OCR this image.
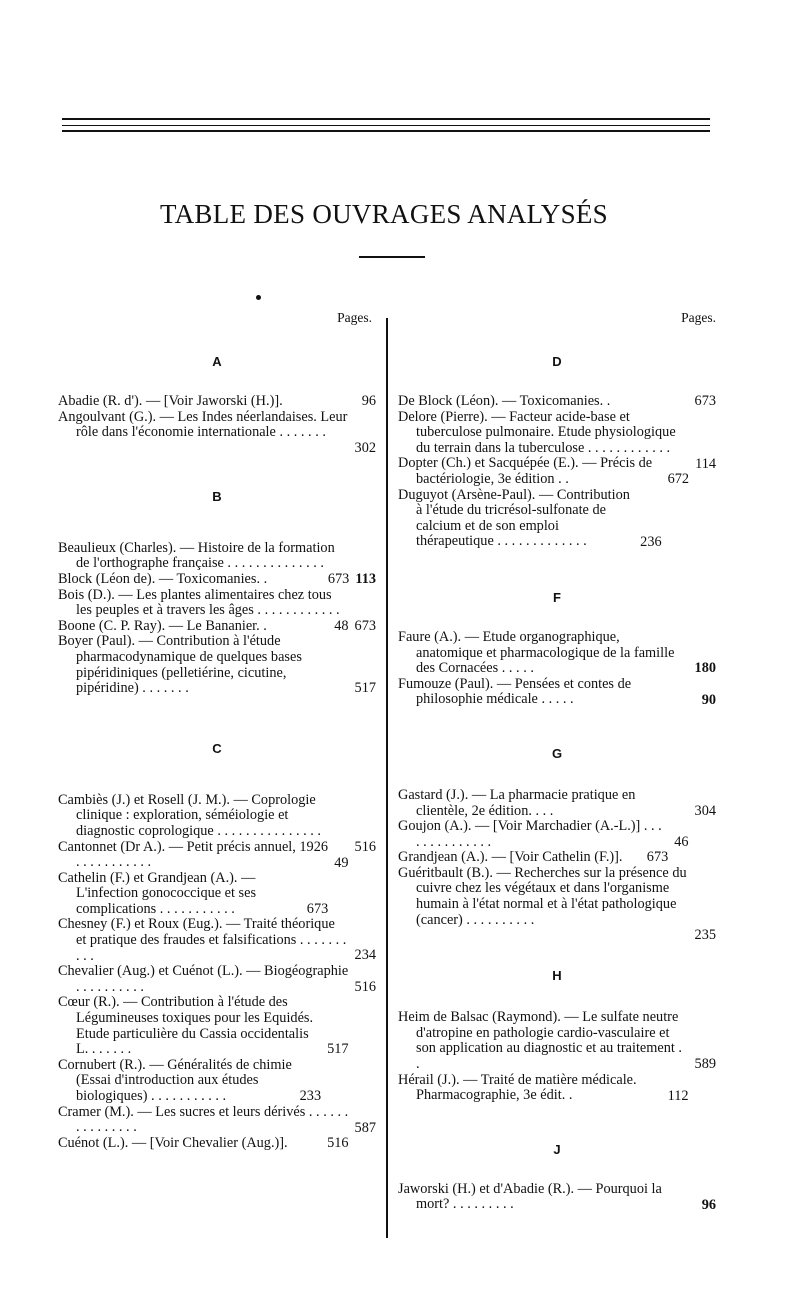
TABLE DES OUVRAGES ANALYSÉS
Pages.
A
96
Abadie (R. d'). — [Voir Jaworski (H.)].
302
Angoulvant (G.). — Les Indes néerlandaises. Leur rôle dans l'économie internationale . . . . . . .
B
113
Beaulieux (Charles). — Histoire de la formation de l'orthographe française . . . . . . . . . . . . . .
673
Block (Léon de). — Toxicomanies. .
673
Bois (D.). — Les plantes alimentaires chez tous les peuples et à travers les âges . . . . . . . . . . . .
48
Boone (C. P. Ray). — Le Bananier. .
517
Boyer (Paul). — Contribution à l'étude pharmacodynamique de quelques bases pipéridiniques (pelletiérine, cicutine, pipéridine) . . . . . . .
C
516
Cambiès (J.) et Rosell (J. M.). — Coprologie clinique : exploration, séméiologie et diagnostic coprologique . . . . . . . . . . . . . . .
49
Cantonnet (Dr A.). — Petit précis annuel, 1926 . . . . . . . . . . .
673
Cathelin (F.) et Grandjean (A.). — L'infection gonococcique et ses complications . . . . . . . . . . .
234
Chesney (F.) et Roux (Eug.). — Traité théorique et pratique des fraudes et falsifications . . . . . . . . . .
516
Chevalier (Aug.) et Cuénot (L.). — Biogéographie . . . . . . . . . .
517
Cœur (R.). — Contribution à l'étude des Légumineuses toxiques pour les Equidés. Etude particulière du Cassia occidentalis L. . . . . . .
233
Cornubert (R.). — Généralités de chimie (Essai d'introduction aux études biologiques) . . . . . . . . . . .
587
Cramer (M.). — Les sucres et leurs dérivés . . . . . . . . . . . . . . .
516
Cuénot (L.). — [Voir Chevalier (Aug.)].
Pages.
D
673
De Block (Léon). — Toxicomanies. .
114
Delore (Pierre). — Facteur acide-base et tuberculose pulmonaire. Etude physiologique du terrain dans la tuberculose . . . . . . . . . . . .
672
Dopter (Ch.) et Sacquépée (E.). — Précis de bactériologie, 3e édition . .
236
Duguyot (Arsène-Paul). — Contribution à l'étude du tricrésol-sulfonate de calcium et de son emploi thérapeutique . . . . . . . . . . . . .
F
180
Faure (A.). — Etude organographique, anatomique et pharmacologique de la famille des Cornacées . . . . .
90
Fumouze (Paul). — Pensées et contes de philosophie médicale . . . . .
G
304
Gastard (J.). — La pharmacie pratique en clientèle, 2e édition. . . .
46
Goujon (A.). — [Voir Marchadier (A.-L.)] . . . . . . . . . . . . . .
673
Grandjean (A.). — [Voir Cathelin (F.)].
235
Guéritbault (B.). — Recherches sur la présence du cuivre chez les végétaux et dans l'organisme humain à l'état normal et à l'état pathologique (cancer) . . . . . . . . . .
H
589
Heim de Balsac (Raymond). — Le sulfate neutre d'atropine en pathologie cardio-vasculaire et son application au diagnostic et au traitement . .
112
Hérail (J.). — Traité de matière médicale. Pharmacographie, 3e édit. .
J
96
Jaworski (H.) et d'Abadie (R.). — Pourquoi la mort? . . . . . . . . .
